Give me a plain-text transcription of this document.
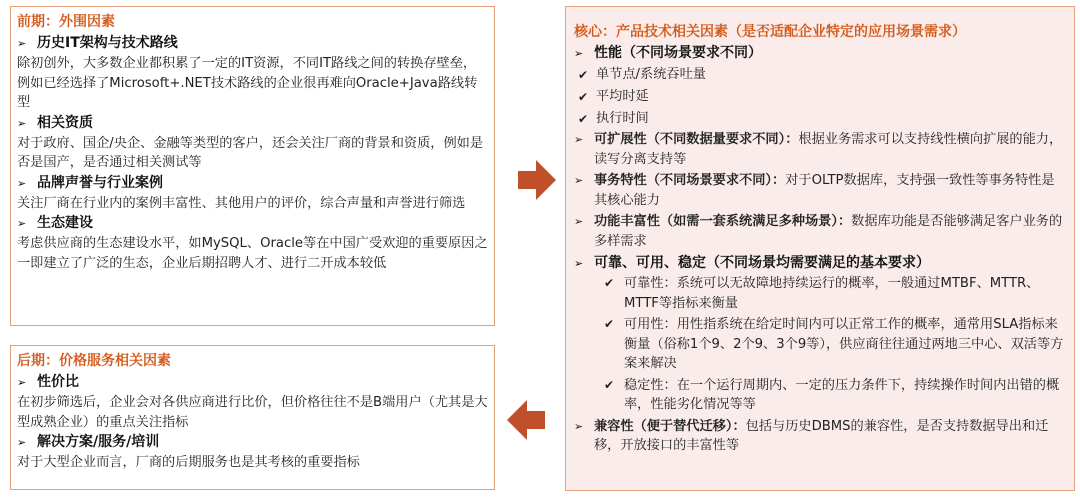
前期：外围因素
➢ 历史IT架构与技术路线
除初创外，大多数企业都积累了一定的IT资源，不同IT路线之间的转换存壁垒，例如已经选择了Microsoft+.NET技术路线的企业很再难向Oracle+Java路线转型
➢ 相关资质
对于政府、国企/央企、金融等类型的客户，还会关注厂商的背景和资质，例如是否是国产，是否通过相关测试等
➢ 品牌声誉与行业案例
关注厂商在行业内的案例丰富性、其他用户的评价，综合声量和声誉进行筛选
➢ 生态建设
考虑供应商的生态建设水平，如MySQL、Oracle等在中国广受欢迎的重要原因之一即建立了广泛的生态，企业后期招聘人才、进行二开成本较低
后期：价格服务相关因素
➢ 性价比
在初步筛选后，企业会对各供应商进行比价，但价格往往不是B端用户（尤其是大型成熟企业）的重点关注指标
➢ 解决方案/服务/培训
对于大型企业而言，厂商的后期服务也是其考核的重要指标
核心：产品技术相关因素（是否适配企业特定的应用场景需求）
➢ 性能（不同场景要求不同）
✔ 单节点/系统吞吐量
✔ 平均时延
✔ 执行时间
➢ 可扩展性（不同数据量要求不同）：根据业务需求可以支持线性横向扩展的能力，读写分离支持等
➢ 事务特性（不同场景要求不同）：对于OLTP数据库，支持强一致性等事务特性是其核心能力
➢ 功能丰富性（如需一套系统满足多种场景）：数据库功能是否能够满足客户业务的多样需求
➢ 可靠、可用、稳定（不同场景均需要满足的基本要求）
✔ 可靠性：系统可以无故障地持续运行的概率，一般通过MTBF、MTTR、MTTF等指标来衡量
✔ 可用性：用性指系统在给定时间内可以正常工作的概率，通常用SLA指标来衡量（俗称1个9、2个9、3个9等），供应商往往通过两地三中心、双活等方案来解决
✔ 稳定性：在一个运行周期内、一定的压力条件下，持续操作时间内出错的概率，性能劣化情况等等
➢ 兼容性（便于替代迁移）：包括与历史DBMS的兼容性，是否支持数据导出和迁移，开放接口的丰富性等
